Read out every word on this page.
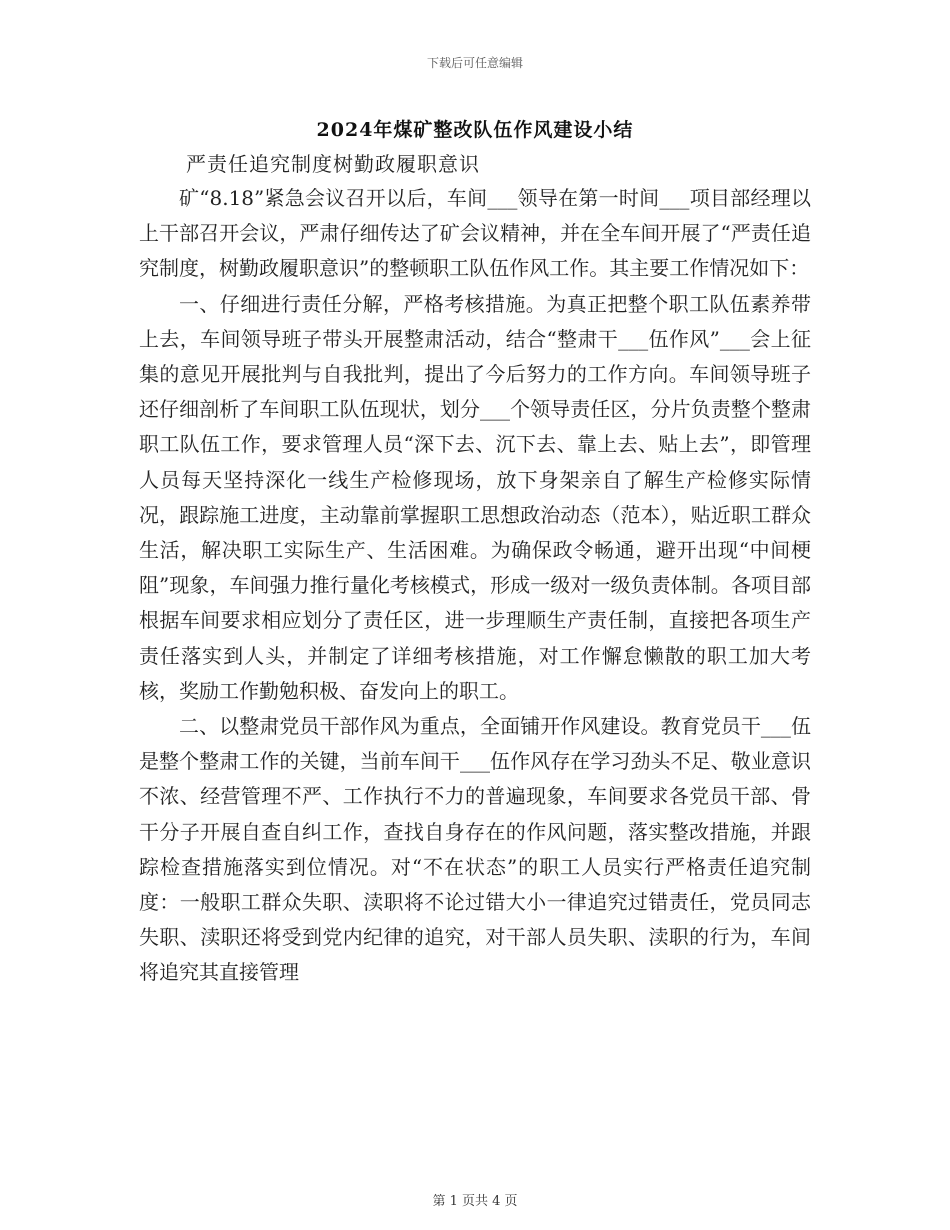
下载后可任意编辑
2024年煤矿整改队伍作风建设小结
严责任追究制度树勤政履职意识

矿“8.18”紧急会议召开以后，车间___领导在第一时间___项目部经理以上干部召开会议，严肃仔细传达了矿会议精神，并在全车间开展了“严责任追究制度，树勤政履职意识”的整顿职工队伍作风工作。其主要工作情况如下：

一、仔细进行责任分解，严格考核措施。为真正把整个职工队伍素养带上去，车间领导班子带头开展整肃活动，结合“整肃干___伍作风”___会上征集的意见开展批判与自我批判，提出了今后努力的工作方向。车间领导班子还仔细剖析了车间职工队伍现状，划分___个领导责任区，分片负责整个整肃职工队伍工作，要求管理人员“深下去、沉下去、靠上去、贴上去”，即管理人员每天坚持深化一线生产检修现场，放下身架亲自了解生产检修实际情况，跟踪施工进度，主动靠前掌握职工思想政治动态（范本），贴近职工群众生活，解决职工实际生产、生活困难。为确保政令畅通，避开出现“中间梗阻”现象，车间强力推行量化考核模式，形成一级对一级负责体制。各项目部根据车间要求相应划分了责任区，进一步理顺生产责任制，直接把各项生产责任落实到人头，并制定了详细考核措施，对工作懈怠懒散的职工加大考核，奖励工作勤勉积极、奋发向上的职工。

二、以整肃党员干部作风为重点，全面铺开作风建设。教育党员干___伍是整个整肃工作的关键，当前车间干___伍作风存在学习劲头不足、敬业意识不浓、经营管理不严、工作执行不力的普遍现象，车间要求各党员干部、骨干分子开展自查自纠工作，查找自身存在的作风问题，落实整改措施，并跟踪检查措施落实到位情况。对“不在状态”的职工人员实行严格责任追究制度：一般职工群众失职、渎职将不论过错大小一律追究过错责任，党员同志失职、渎职还将受到党内纪律的追究，对干部人员失职、渎职的行为，车间将追究其直接管理

第 1 页共 4 页
